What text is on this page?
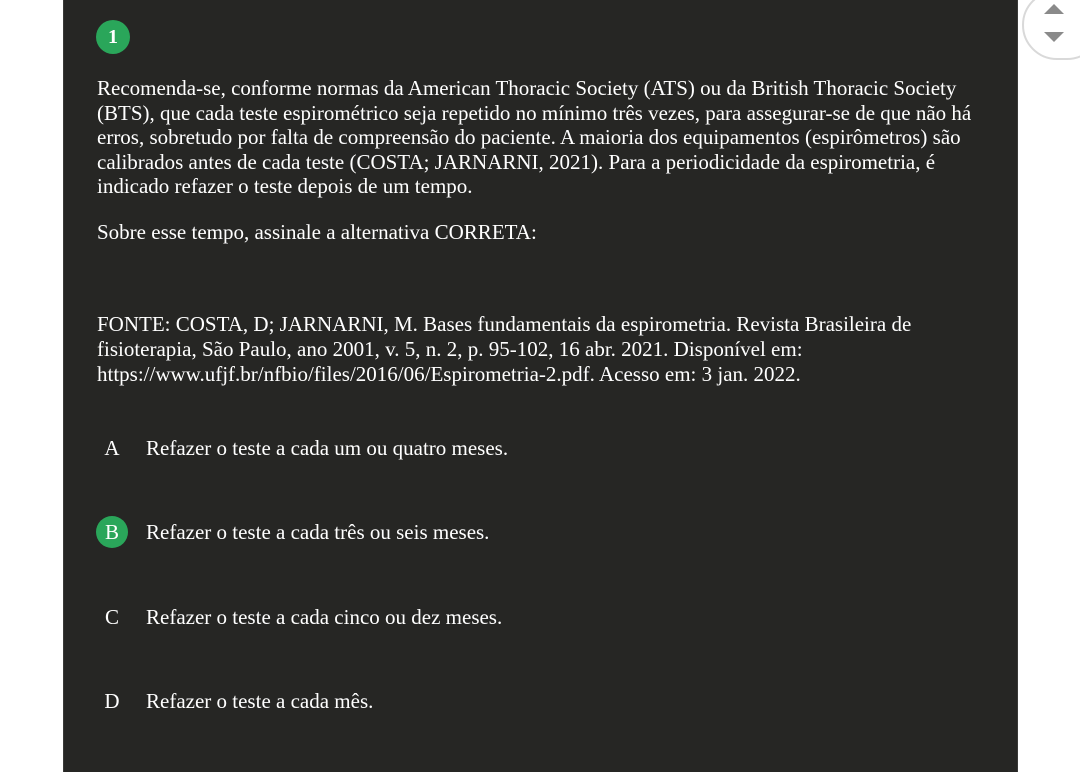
1

Recomenda-se, conforme normas da American Thoracic Society (ATS) ou da British Thoracic Society (BTS), que cada teste espirométrico seja repetido no mínimo três vezes, para assegurar-se de que não há erros, sobretudo por falta de compreensão do paciente. A maioria dos equipamentos (espirômetros) são calibrados antes de cada teste (COSTA; JARNARNI, 2021). Para a periodicidade da espirometria, é indicado refazer o teste depois de um tempo.

Sobre esse tempo, assinale a alternativa CORRETA:

FONTE: COSTA, D; JARNARNI, M. Bases fundamentais da espirometria. Revista Brasileira de fisioterapia, São Paulo, ano 2001, v. 5, n. 2, p. 95-102, 16 abr. 2021. Disponível em: https://www.ufjf.br/nfbio/files/2016/06/Espirometria-2.pdf. Acesso em: 3 jan. 2022.

A	Refazer o teste a cada um ou quatro meses.
B	Refazer o teste a cada três ou seis meses.
C	Refazer o teste a cada cinco ou dez meses.
D	Refazer o teste a cada mês.
